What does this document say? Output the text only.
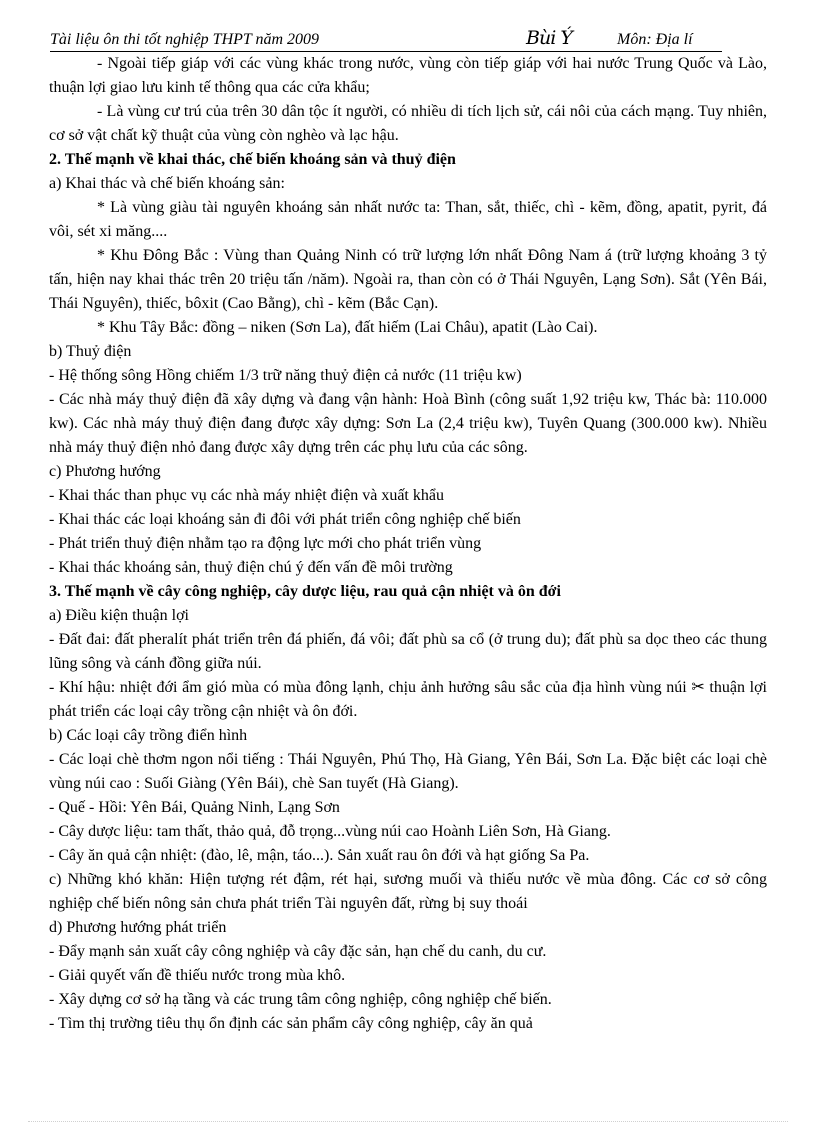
Tài liệu ôn thi tốt nghiệp THPT năm 2009	Bùi Ý	Môn: Địa lí

- Ngoài tiếp giáp với các vùng khác trong nước, vùng còn tiếp giáp với hai nước Trung Quốc và Lào, thuận lợi giao lưu kinh tế thông qua các cửa khẩu;

- Là vùng cư trú của trên 30 dân tộc ít người, có nhiều di tích lịch sử, cái nôi của cách mạng. Tuy nhiên, cơ sở vật chất kỹ thuật của vùng còn nghèo và lạc hậu.

2. Thế mạnh về khai thác, chế biến khoáng sản và thuỷ điện

a) Khai thác và chế biến khoáng sản:

* Là vùng giàu tài nguyên khoáng sản nhất nước ta: Than, sắt, thiếc, chì - kẽm, đồng, apatit, pyrit, đá vôi, sét xi măng....

* Khu Đông Bắc : Vùng than Quảng Ninh có trữ lượng lớn nhất Đông Nam á (trữ lượng khoảng 3 tỷ tấn, hiện nay khai thác trên 20 triệu tấn /năm). Ngoài ra, than còn có ở Thái Nguyên, Lạng Sơn). Sắt (Yên Bái, Thái Nguyên), thiếc, bôxit (Cao Bằng), chì - kẽm (Bắc Cạn).

* Khu Tây Bắc: đồng – niken (Sơn La), đất hiếm (Lai Châu), apatit (Lào Cai).

b) Thuỷ điện

- Hệ thống sông Hồng chiếm 1/3 trữ năng thuỷ điện cả nước (11 triệu kw)

- Các nhà máy thuỷ điện đã xây dựng và đang vận hành: Hoà Bình (công suất 1,92 triệu kw, Thác bà: 110.000 kw). Các nhà máy thuỷ điện đang được xây dựng: Sơn La (2,4 triệu kw), Tuyên Quang (300.000 kw). Nhiều nhà máy thuỷ điện nhỏ đang được xây dựng trên các phụ lưu của các sông.

c) Phương hướng

- Khai thác than phục vụ các nhà máy nhiệt điện và xuất khẩu

- Khai thác các loại khoáng sản đi đôi với phát triển công nghiệp chế biến

- Phát triển thuỷ điện nhằm tạo ra động lực mới cho phát triển vùng

- Khai thác khoáng sản, thuỷ điện chú ý đến vấn đề môi trường

3. Thế mạnh về cây công nghiệp, cây dược liệu, rau quả cận nhiệt và ôn đới

a) Điều kiện thuận lợi

- Đất đai: đất pheralít phát triển trên đá phiến, đá vôi; đất phù sa cổ (ở trung du); đất phù sa dọc theo các thung lũng sông và cánh đồng giữa núi.

- Khí hậu: nhiệt đới ẩm gió mùa có mùa đông lạnh, chịu ảnh hưởng sâu sắc của địa hình vùng núi ✂ thuận lợi phát triển các loại cây trồng cận nhiệt và ôn đới.

b) Các loại cây trồng điển hình

- Các loại chè thơm ngon nổi tiếng : Thái Nguyên, Phú Thọ, Hà Giang, Yên Bái, Sơn La. Đặc biệt các loại chè vùng núi cao : Suối Giàng (Yên Bái), chè San tuyết (Hà Giang).

- Quế - Hồi: Yên Bái, Quảng Ninh, Lạng Sơn

- Cây dược liệu: tam thất, thảo quả, đỗ trọng...vùng núi cao Hoành Liên Sơn, Hà Giang.

- Cây ăn quả cận nhiệt: (đào, lê, mận, táo...). Sản xuất rau ôn đới và hạt giống Sa Pa.

c) Những khó khăn: Hiện tượng rét đậm, rét hại, sương muối và thiếu nước về mùa đông. Các cơ sở công nghiệp chế biến nông sản chưa phát triển Tài nguyên đất, rừng bị suy thoái

d) Phương hướng phát triển

- Đẩy mạnh sản xuất cây công nghiệp và cây đặc sản, hạn chế du canh, du cư.

- Giải quyết vấn đề thiếu nước trong mùa khô.

- Xây dựng cơ sở hạ tầng và các trung tâm công nghiệp, công nghiệp chế biến.

- Tìm thị trường tiêu thụ ổn định các sản phẩm cây công nghiệp, cây ăn quả
